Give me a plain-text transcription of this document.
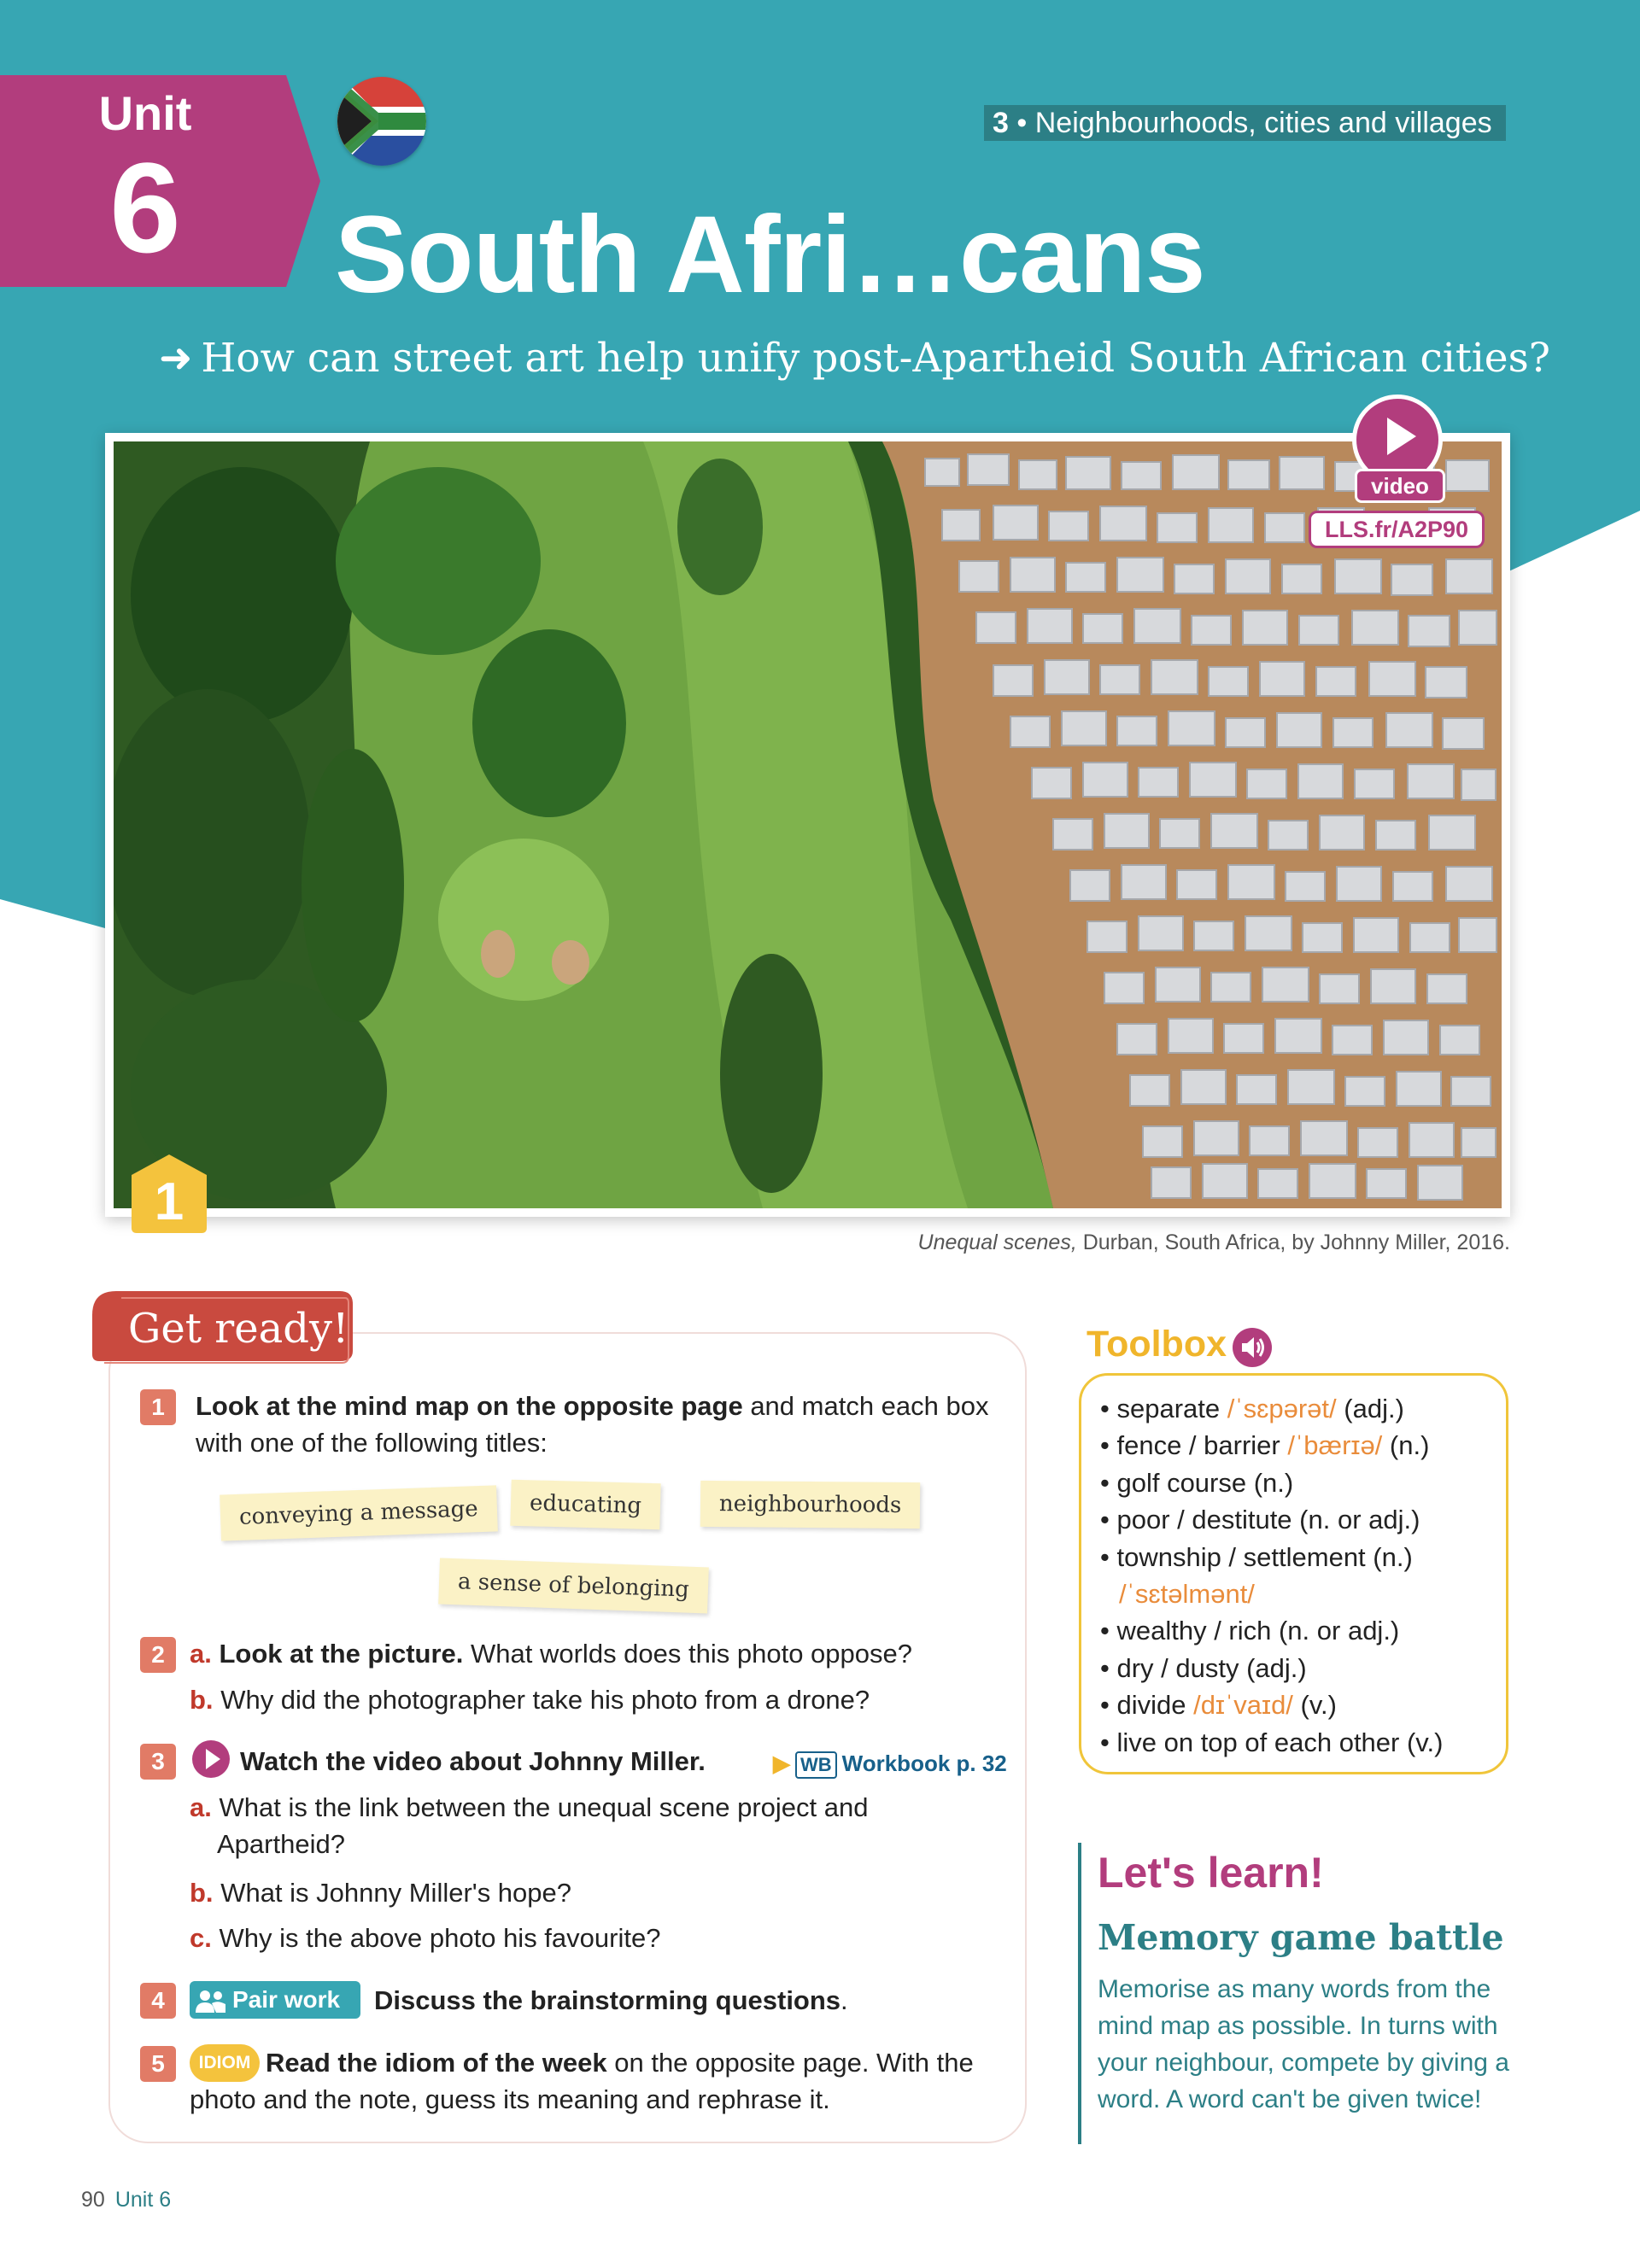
Unit
6
3 • Neighbourhoods, cities and villages
South Afri…cans
➜ How can street art help unify post-Apartheid South African cities?
video
LLS.fr/A2P90
1
Unequal scenes, Durban, South Africa, by Johnny Miller, 2016.
Get ready!
1	Look at the mind map on the opposite page and match each box
with one of the following titles:
conveying a message	educating	neighbourhoods
a sense of belonging
2 a. Look at the picture. What worlds does this photo oppose?
b. Why did the photographer take his photo from a drone?
3	Watch the video about Johnny Miller.	▶ WB Workbook p. 32
a. What is the link between the unequal scene project and
Apartheid?
b. What is Johnny Miller's hope?
c. Why is the above photo his favourite?
4	Pair work	Discuss the brainstorming questions.
5	IDIOM Read the idiom of the week on the opposite page. With the
photo and the note, guess its meaning and rephrase it.
Toolbox
• separate /ˈsɛpərət/ (adj.)
• fence / barrier /ˈbærɪə/ (n.)
• golf course (n.)
• poor / destitute (n. or adj.)
• township / settlement (n.)
/ˈsɛtəlmənt/
• wealthy / rich (n. or adj.)
• dry / dusty (adj.)
• divide /dɪˈvaɪd/ (v.)
• live on top of each other (v.)
Let's learn!
Memory game battle
Memorise as many words from the mind map as possible. In turns with your neighbour, compete by giving a word. A word can't be given twice!
90 Unit 6
